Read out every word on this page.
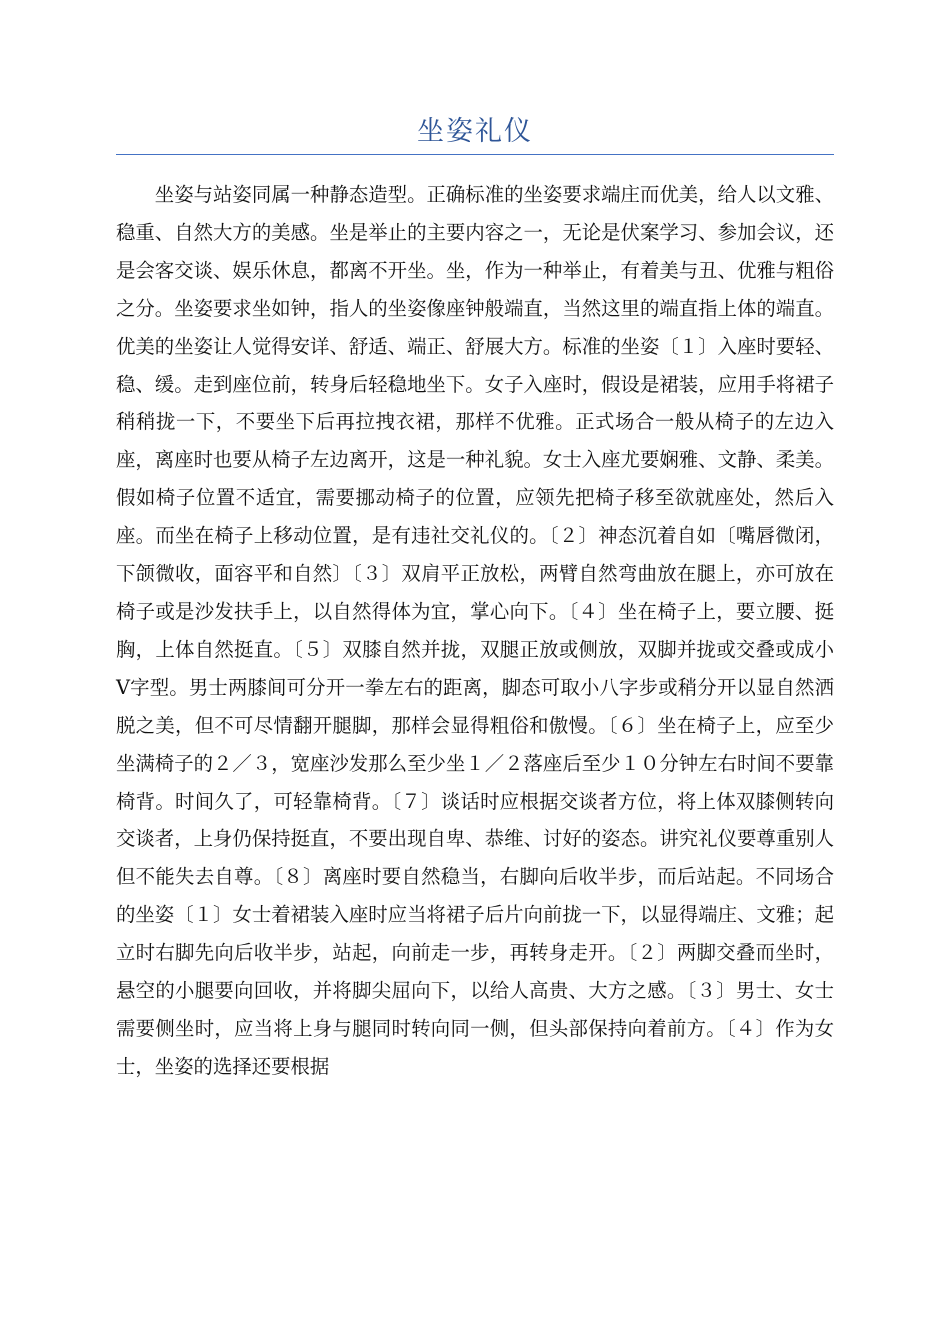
坐姿礼仪

坐姿与站姿同属一种静态造型。正确标准的坐姿要求端庄而优美，给人以文雅、稳重、自然大方的美感。坐是举止的主要内容之一，无论是伏案学习、参加会议，还是会客交谈、娱乐休息，都离不开坐。坐，作为一种举止，有着美与丑、优雅与粗俗之分。坐姿要求坐如钟，指人的坐姿像座钟般端直，当然这里的端直指上体的端直。优美的坐姿让人觉得安详、舒适、端正、舒展大方。标准的坐姿〔１〕入座时要轻、稳、缓。走到座位前，转身后轻稳地坐下。女子入座时，假设是裙装，应用手将裙子稍稍拢一下，不要坐下后再拉拽衣裙，那样不优雅。正式场合一般从椅子的左边入座，离座时也要从椅子左边离开，这是一种礼貌。女士入座尤要娴雅、文静、柔美。假如椅子位置不适宜，需要挪动椅子的位置，应领先把椅子移至欲就座处，然后入座。而坐在椅子上移动位置，是有违社交礼仪的。〔２〕神态沉着自如〔嘴唇微闭，下颌微收，面容平和自然〕〔３〕双肩平正放松，两臂自然弯曲放在腿上，亦可放在椅子或是沙发扶手上，以自然得体为宜，掌心向下。〔４〕坐在椅子上，要立腰、挺胸，上体自然挺直。〔５〕双膝自然并拢，双腿正放或侧放，双脚并拢或交叠或成小V字型。男士两膝间可分开一拳左右的距离，脚态可取小八字步或稍分开以显自然洒脱之美，但不可尽情翻开腿脚，那样会显得粗俗和傲慢。〔６〕坐在椅子上，应至少坐满椅子的２／３，宽座沙发那么至少坐１／２落座后至少１０分钟左右时间不要靠椅背。时间久了，可轻靠椅背。〔７〕谈话时应根据交谈者方位，将上体双膝侧转向交谈者，上身仍保持挺直，不要出现自卑、恭维、讨好的姿态。讲究礼仪要尊重别人但不能失去自尊。〔８〕离座时要自然稳当，右脚向后收半步，而后站起。不同场合的坐姿〔１〕女士着裙装入座时应当将裙子后片向前拢一下，以显得端庄、文雅；起立时右脚先向后收半步，站起，向前走一步，再转身走开。〔２〕两脚交叠而坐时，悬空的小腿要向回收，并将脚尖屈向下，以给人高贵、大方之感。〔３〕男士、女士需要侧坐时，应当将上身与腿同时转向同一侧，但头部保持向着前方。〔４〕作为女士，坐姿的选择还要根据
